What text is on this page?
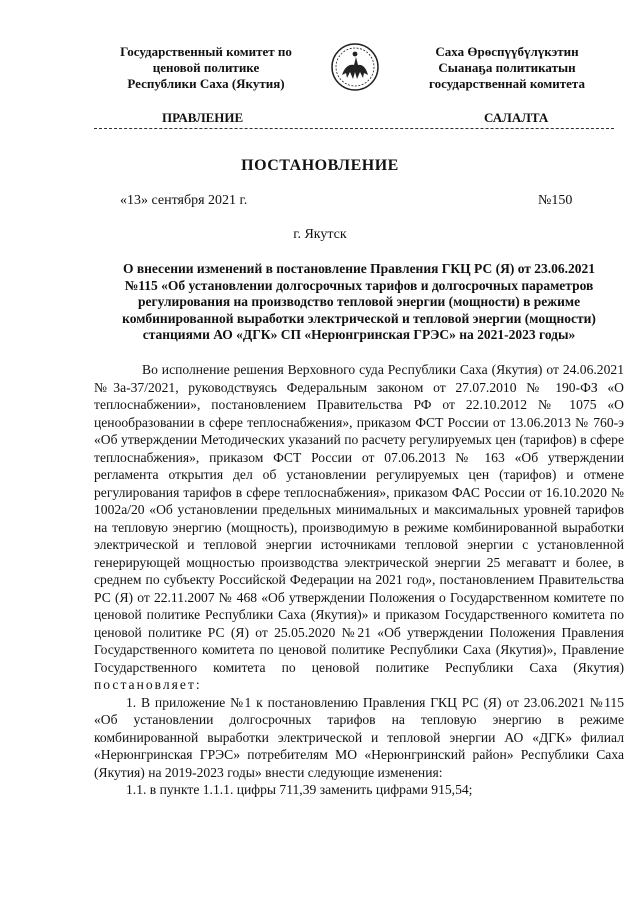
Государственный комитет по
ценовой политике
Республики Саха (Якутия)
Саха Өрөспүүбүлүкэтин
Сыанаҕа политикатын
государственнай комитета
ПРАВЛЕНИЕ	САЛАЛТА
ПОСТАНОВЛЕНИЕ
«13» сентября 2021 г.	№150
г. Якутск
О внесении изменений в постановление Правления ГКЦ РС (Я) от 23.06.2021
№115 «Об установлении долгосрочных тарифов и долгосрочных параметров
регулирования на производство тепловой энергии (мощности) в режиме
комбинированной выработки электрической и тепловой энергии (мощности)
станциями АО «ДГК» СП «Нерюнгринская ГРЭС» на 2021-2023 годы»

Во исполнение решения Верховного суда Республики Саха (Якутия) от 24.06.2021 №3а-37/2021, руководствуясь Федеральным законом от 27.07.2010 № 190-ФЗ «О теплоснабжении», постановлением Правительства РФ от 22.10.2012 № 1075 «О ценообразовании в сфере теплоснабжения», приказом ФСТ России от 13.06.2013 № 760-э «Об утверждении Методических указаний по расчету регулируемых цен (тарифов) в сфере теплоснабжения», приказом ФСТ России от 07.06.2013 № 163 «Об утверждении регламента открытия дел об установлении регулируемых цен (тарифов) и отмене регулирования тарифов в сфере теплоснабжения», приказом ФАС России от 16.10.2020 № 1002а/20 «Об установлении предельных минимальных и максимальных уровней тарифов на тепловую энергию (мощность), производимую в режиме комбинированной выработки электрической и тепловой энергии источниками тепловой энергии с установленной генерирующей мощностью производства электрической энергии 25 мегаватт и более, в среднем по субъекту Российской Федерации на 2021 год», постановлением Правительства РС (Я) от 22.11.2007 № 468 «Об утверждении Положения о Государственном комитете по ценовой политике Республики Саха (Якутия)» и приказом Государственного комитета по ценовой политике РС (Я) от 25.05.2020 №21 «Об утверждении Положения Правления Государственного комитета по ценовой политике Республики Саха (Якутия)», Правление Государственного комитета по ценовой политике Республики Саха (Якутия) постановляет:

1. В приложение №1 к постановлению Правления ГКЦ РС (Я) от 23.06.2021 №115 «Об установлении долгосрочных тарифов на тепловую энергию в режиме комбинированной выработки электрической и тепловой энергии АО «ДГК» филиал «Нерюнгринская ГРЭС» потребителям МО «Нерюнгринский район» Республики Саха (Якутия) на 2019-2023 годы» внести следующие изменения:

1.1. в пункте 1.1.1. цифры 711,39 заменить цифрами 915,54;
